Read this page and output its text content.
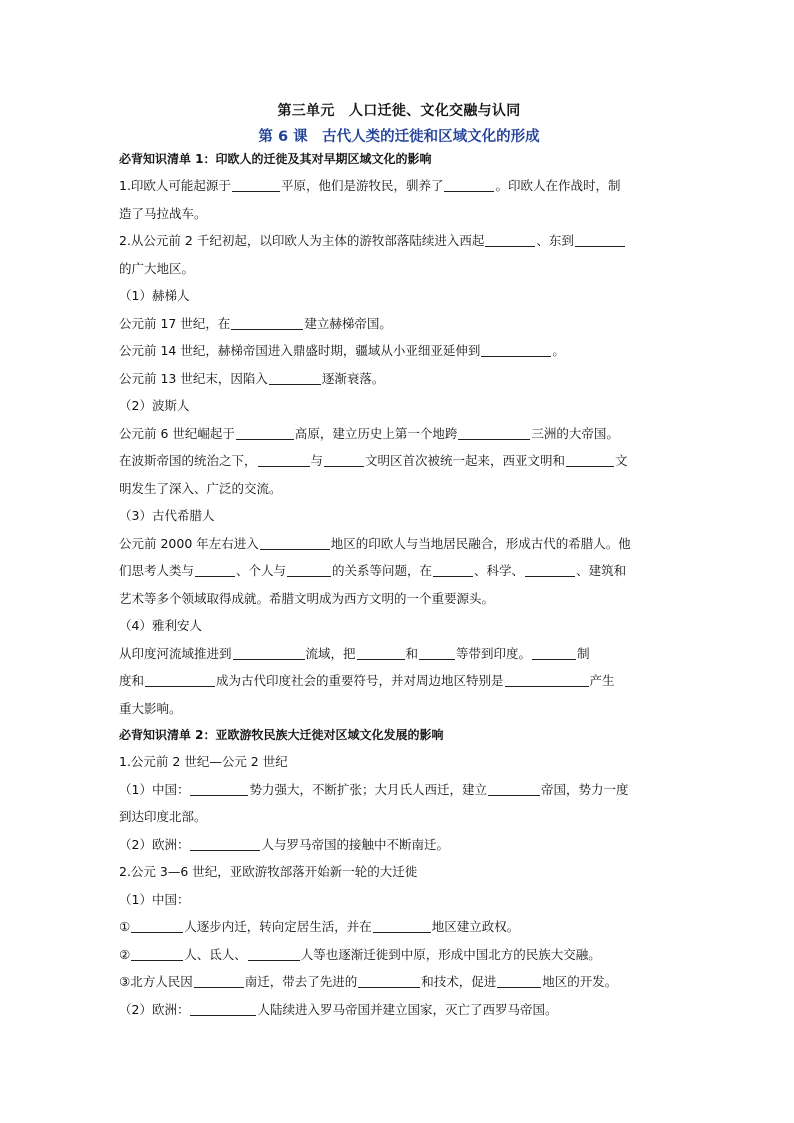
第三单元　人口迁徙、文化交融与认同

第 6 课　古代人类的迁徙和区域文化的形成

必背知识清单 1：印欧人的迁徙及其对早期区域文化的影响

1.印欧人可能起源于	平原，他们是游牧民，驯养了	。印欧人在作战时，制

造了马拉战车。

2.从公元前 2 千纪初起，以印欧人为主体的游牧部落陆续进入西起	、东到

的广大地区。

（1）赫梯人

公元前 17 世纪，在	建立赫梯帝国。

公元前 14 世纪，赫梯帝国进入鼎盛时期，疆域从小亚细亚延伸到	。

公元前 13 世纪末，因陷入	逐渐衰落。

（2）波斯人

公元前 6 世纪崛起于	高原，建立历史上第一个地跨	三洲的大帝国。

在波斯帝国的统治之下，	与	文明区首次被统一起来，西亚文明和	文

明发生了深入、广泛的交流。

（3）古代希腊人

公元前 2000 年左右进入	地区的印欧人与当地居民融合，形成古代的希腊人。他

们思考人类与	、个人与	的关系等问题，在	、科学、	、建筑和

艺术等多个领域取得成就。希腊文明成为西方文明的一个重要源头。

（4）雅利安人

从印度河流域推进到	流域，把	和	等带到印度。	制

度和	成为古代印度社会的重要符号，并对周边地区特别是	产生

重大影响。

必背知识清单 2：亚欧游牧民族大迁徙对区域文化发展的影响

1.公元前 2 世纪—公元 2 世纪

（1）中国：	势力强大，不断扩张；大月氏人西迁，建立	帝国，势力一度

到达印度北部。

（2）欧洲：	人与罗马帝国的接触中不断南迁。

2.公元 3—6 世纪，亚欧游牧部落开始新一轮的大迁徙

（1）中国：

①	人逐步内迁，转向定居生活，并在	地区建立政权。

②	人、氐人、	人等也逐渐迁徙到中原，形成中国北方的民族大交融。

③北方人民因	南迁，带去了先进的	和技术，促进	地区的开发。

（2）欧洲：	人陆续进入罗马帝国并建立国家，灭亡了西罗马帝国。
